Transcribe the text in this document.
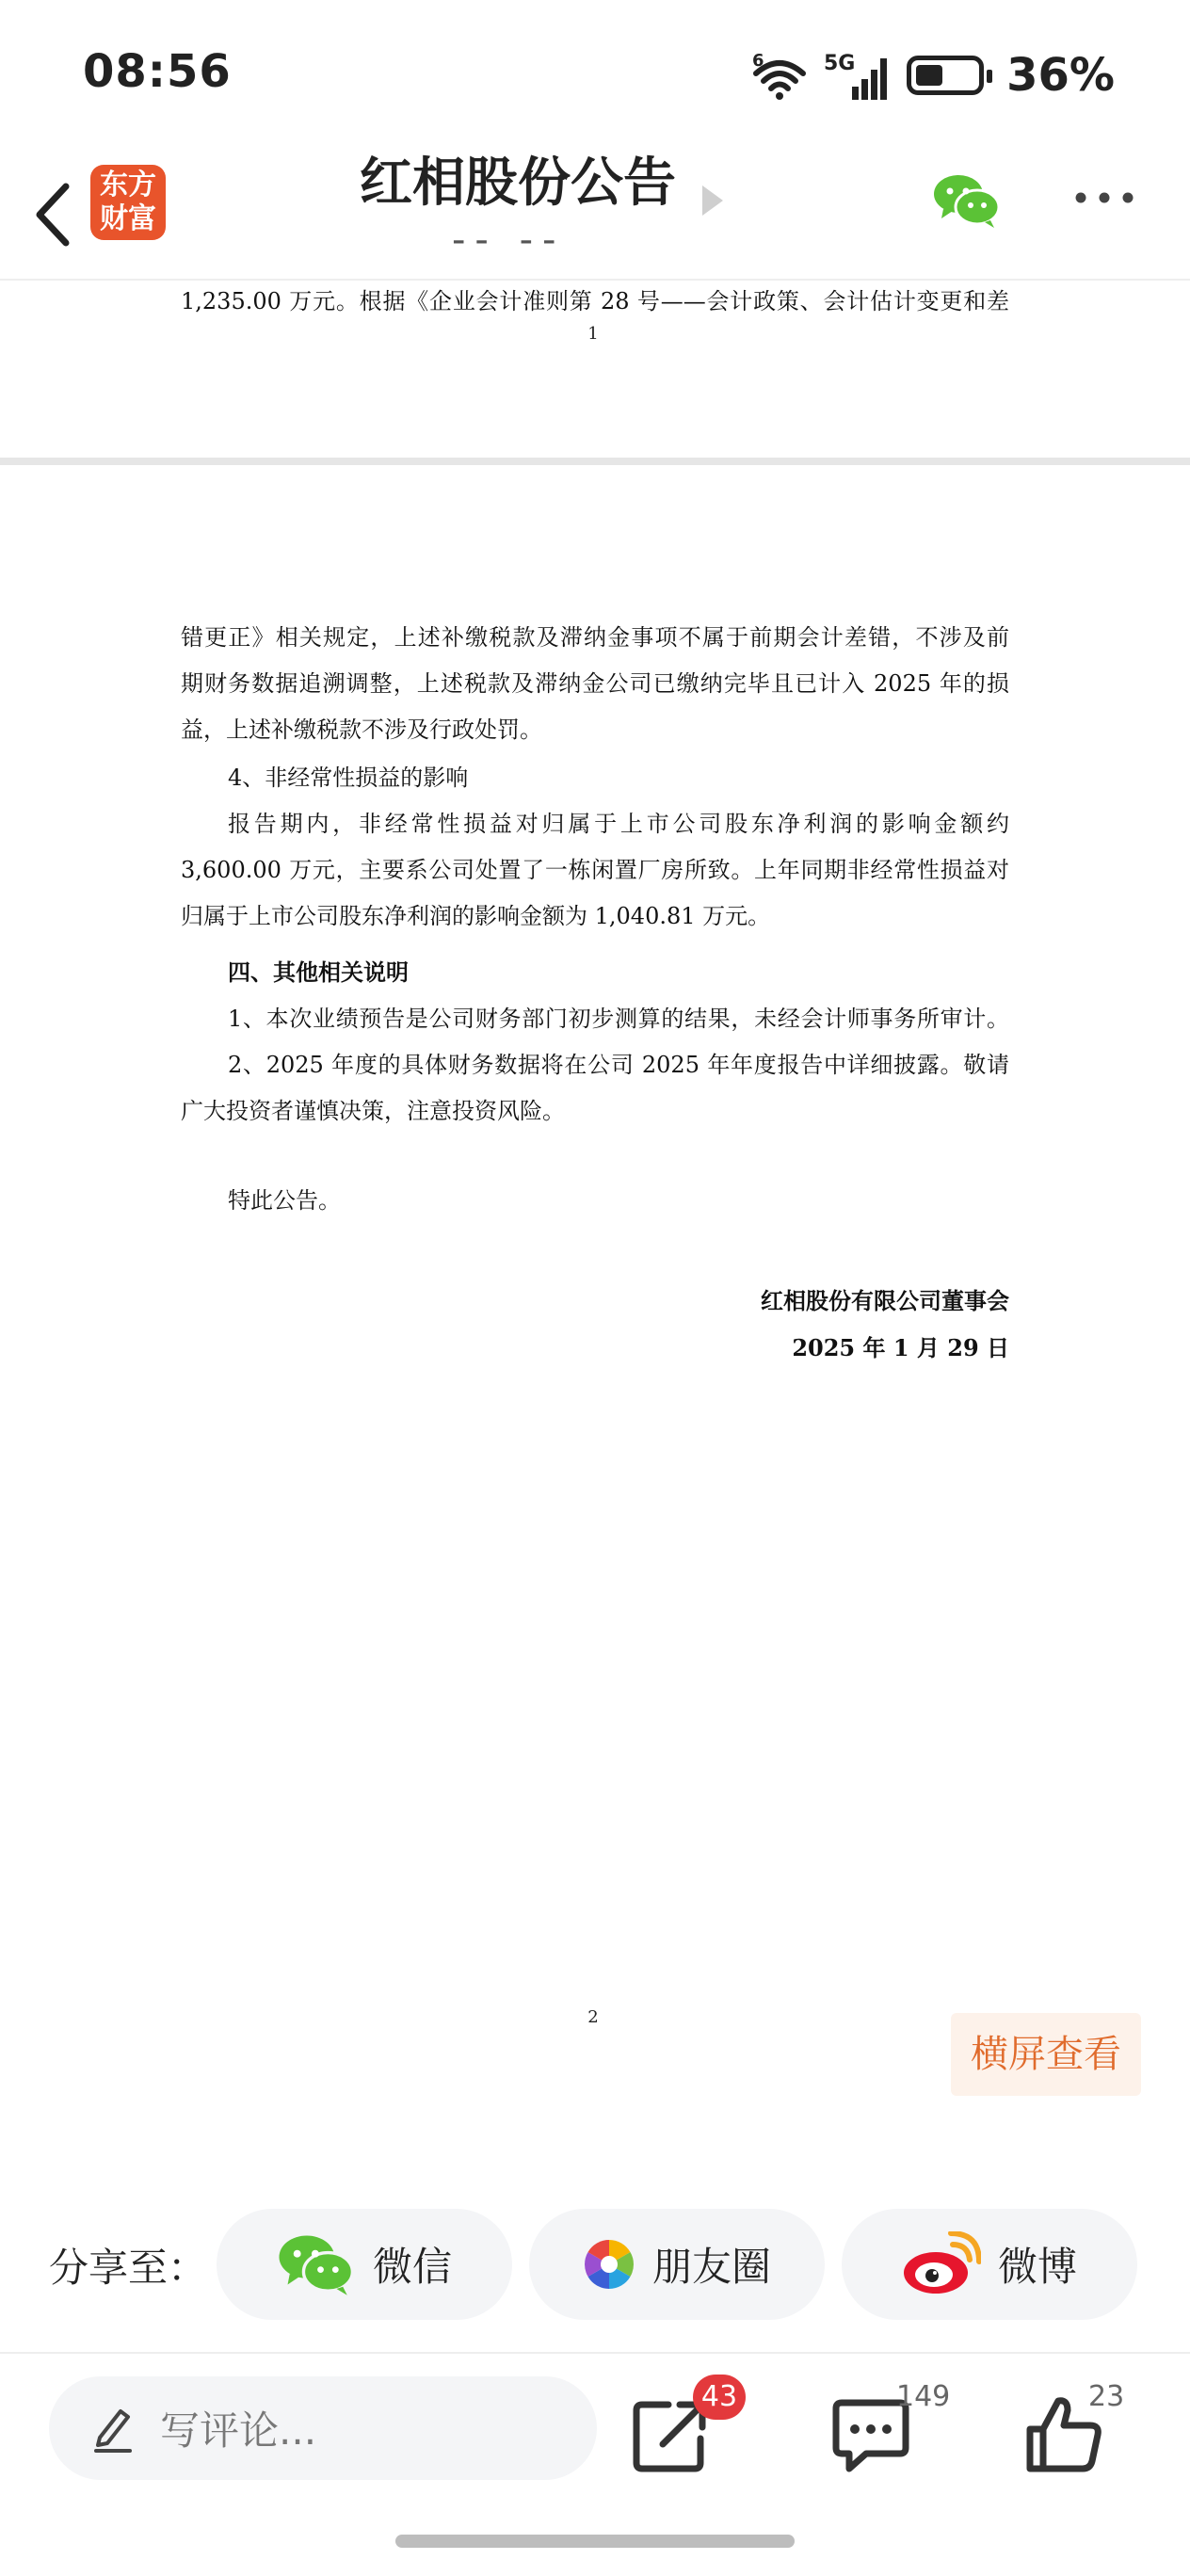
08:56	6	5G	36%
东方
财富
红相股份公告
-- --
1,235.00 万元。根据《企业会计准则第 28 号——会计政策、会计估计变更和差
1
错更正》相关规定，上述补缴税款及滞纳金事项不属于前期会计差错，不涉及前
期财务数据追溯调整，上述税款及滞纳金公司已缴纳完毕且已计入 2025 年的损
益，上述补缴税款不涉及行政处罚。
4、非经常性损益的影响
报告期内，非经常性损益对归属于上市公司股东净利润的影响金额约
3,600.00 万元，主要系公司处置了一栋闲置厂房所致。上年同期非经常性损益对
归属于上市公司股东净利润的影响金额为 1,040.81 万元。
四、其他相关说明
1、本次业绩预告是公司财务部门初步测算的结果，未经会计师事务所审计。
2、2025 年度的具体财务数据将在公司 2025 年年度报告中详细披露。敬请
广大投资者谨慎决策，注意投资风险。
特此公告。
红相股份有限公司董事会
2025 年 1 月 29 日
2
横屏查看
分享至：	微信	朋友圈	微博
写评论...
43	149	23
